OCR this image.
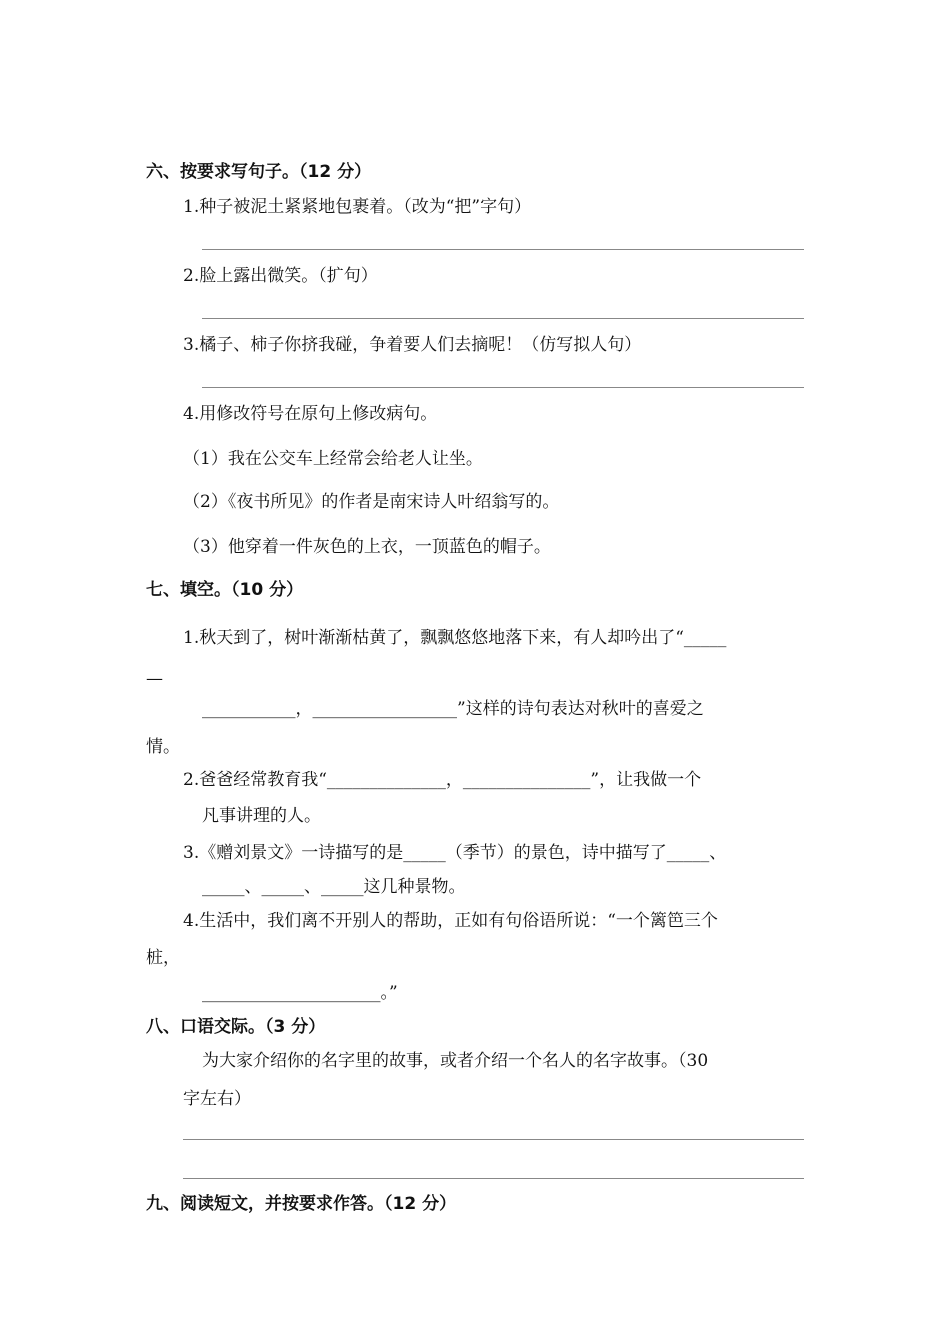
六、按要求写句子。（12 分）
1.种子被泥土紧紧地包裹着。（改为“把”字句）
2.脸上露出微笑。（扩句）
3.橘子、柿子你挤我碰，争着要人们去摘呢！（仿写拟人句）
4.用修改符号在原句上修改病句。
（1）我在公交车上经常会给老人让坐。
（2）《夜书所见》的作者是南宋诗人叶绍翁写的。
（3）他穿着一件灰色的上衣，一顶蓝色的帽子。
七、填空。（10 分）
1.秋天到了，树叶渐渐枯黄了，飘飘悠悠地落下来，有人却吟出了“_____
—
___________，_________________”这样的诗句表达对秋叶的喜爱之
情。
2.爸爸经常教育我“______________，_______________”，让我做一个
凡事讲理的人。
3.《赠刘景文》一诗描写的是_____（季节）的景色，诗中描写了_____、
_____、_____、_____这几种景物。
4.生活中，我们离不开别人的帮助，正如有句俗语所说：“一个篱笆三个
桩，
_____________________。”
八、口语交际。（3 分）
为大家介绍你的名字里的故事，或者介绍一个名人的名字故事。（30
字左右）
九、阅读短文，并按要求作答。（12 分）
